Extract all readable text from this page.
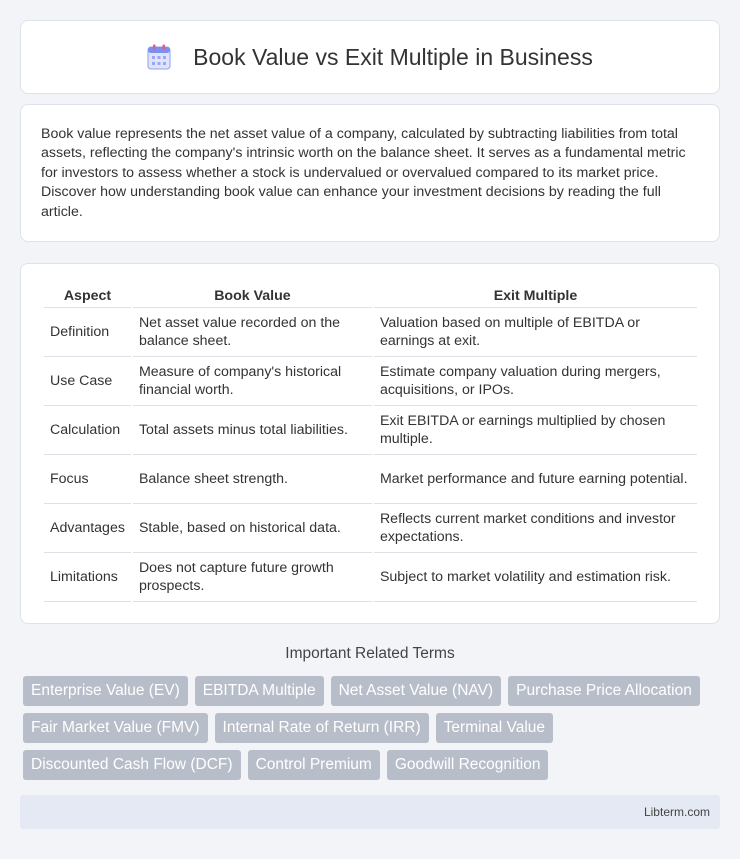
Book Value vs Exit Multiple in Business

Book value represents the net asset value of a company, calculated by subtracting liabilities from total assets, reflecting the company's intrinsic worth on the balance sheet. It serves as a fundamental metric for investors to assess whether a stock is undervalued or overvalued compared to its market price. Discover how understanding book value can enhance your investment decisions by reading the full article.

Aspect	Book Value	Exit Multiple
Definition	Net asset value recorded on the balance sheet.	Valuation based on multiple of EBITDA or earnings at exit.
Use Case	Measure of company's historical financial worth.	Estimate company valuation during mergers, acquisitions, or IPOs.
Calculation	Total assets minus total liabilities.	Exit EBITDA or earnings multiplied by chosen multiple.
Focus	Balance sheet strength.	Market performance and future earning potential.
Advantages	Stable, based on historical data.	Reflects current market conditions and investor expectations.
Limitations	Does not capture future growth prospects.	Subject to market volatility and estimation risk.
Important Related Terms
Enterprise Value (EV)	EBITDA Multiple	Net Asset Value (NAV)	Purchase Price Allocation
Fair Market Value (FMV)	Internal Rate of Return (IRR)	Terminal Value
Discounted Cash Flow (DCF)	Control Premium	Goodwill Recognition
Libterm.com
